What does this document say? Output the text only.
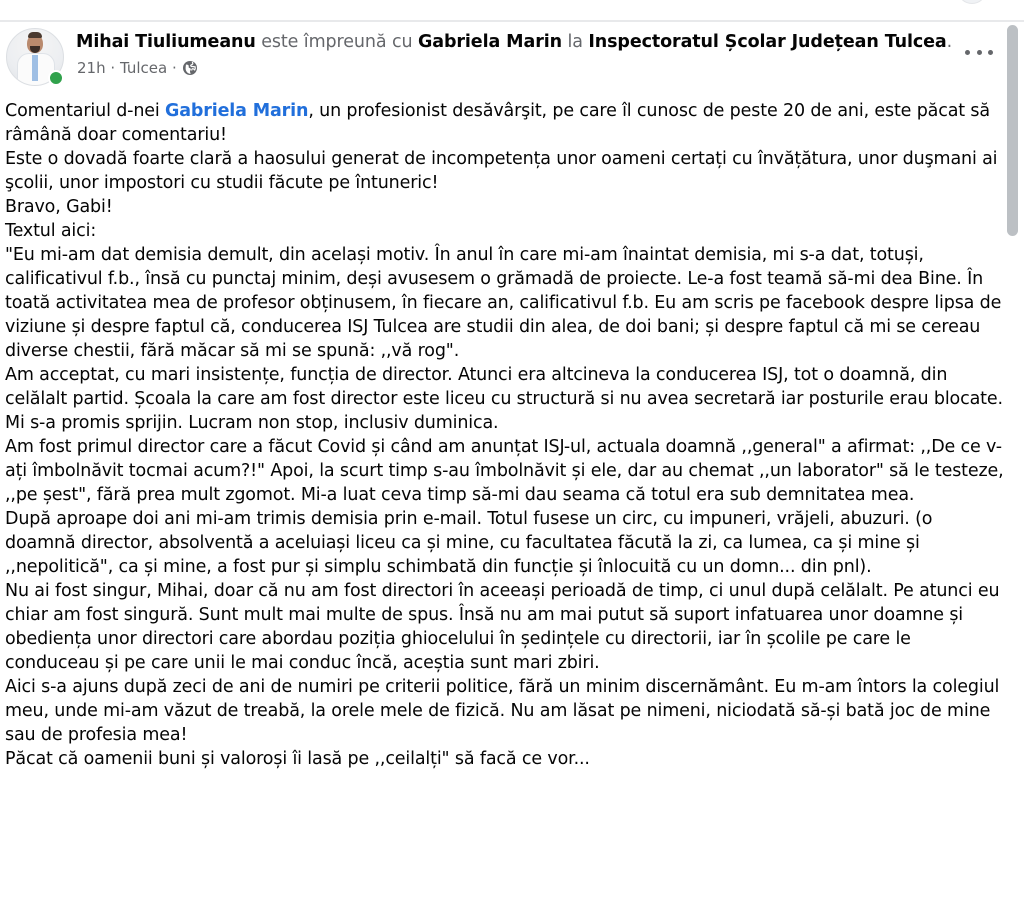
Mihai Tiuliumeanu este împreună cu Gabriela Marin la Inspectoratul Școlar Județean Tulcea.
21h · Tulcea ·

Comentariul d-nei Gabriela Marin, un profesionist desăvârşit, pe care îl cunosc de peste 20 de ani, este păcat să râmână doar comentariu!

Este o dovadă foarte clară a haosului generat de incompetența unor oameni certați cu învățătura, unor duşmani ai şcolii, unor impostori cu studii făcute pe întuneric!

Bravo, Gabi!

Textul aici:

"Eu mi-am dat demisia demult, din același motiv. În anul în care mi-am înaintat demisia, mi s-a dat, totuși, calificativul f.b., însă cu punctaj minim, deși avusesem o grămadă de proiecte. Le-a fost teamă să-mi dea Bine. În toată activitatea mea de profesor obținusem, în fiecare an, calificativul f.b. Eu am scris pe facebook despre lipsa de viziune și despre faptul că, conducerea ISJ Tulcea are studii din alea, de doi bani; și despre faptul că mi se cereau diverse chestii, fără măcar să mi se spună: ,,vă rog".

Am acceptat, cu mari insistențe, funcția de director. Atunci era altcineva la conducerea ISJ, tot o doamnă, din celălalt partid. Școala la care am fost director este liceu cu structură si nu avea secretară iar posturile erau blocate. Mi s-a promis sprijin. Lucram non stop, inclusiv duminica.

Am fost primul director care a făcut Covid și când am anunțat ISJ-ul, actuala doamnă ,,general" a afirmat: ,,De ce v-ați îmbolnăvit tocmai acum?!" Apoi, la scurt timp s-au îmbolnăvit și ele, dar au chemat ,,un laborator" să le testeze, ,,pe șest", fără prea mult zgomot. Mi-a luat ceva timp să-mi dau seama că totul era sub demnitatea mea.

După aproape doi ani mi-am trimis demisia prin e-mail. Totul fusese un circ, cu impuneri, vrăjeli, abuzuri. (o doamnă director, absolventă a aceluiași liceu ca și mine, cu facultatea făcută la zi, ca lumea, ca și mine și ,,nepolitică", ca și mine, a fost pur și simplu schimbată din funcție și înlocuită cu un domn... din pnl).

Nu ai fost singur, Mihai, doar că nu am fost directori în aceeași perioadă de timp, ci unul după celălalt. Pe atunci eu chiar am fost singură. Sunt mult mai multe de spus. Însă nu am mai putut să suport infatuarea unor doamne și obediența unor directori care abordau poziția ghiocelului în ședințele cu directorii, iar în școlile pe care le conduceau și pe care unii le mai conduc încă, aceștia sunt mari zbiri.

Aici s-a ajuns după zeci de ani de numiri pe criterii politice, fără un minim discernământ. Eu m-am întors la colegiul meu, unde mi-am văzut de treabă, la orele mele de fizică. Nu am lăsat pe nimeni, niciodată să-și bată joc de mine sau de profesia mea!

Păcat că oamenii buni și valoroși îi lasă pe ,,ceilalți" să facă ce vor...
